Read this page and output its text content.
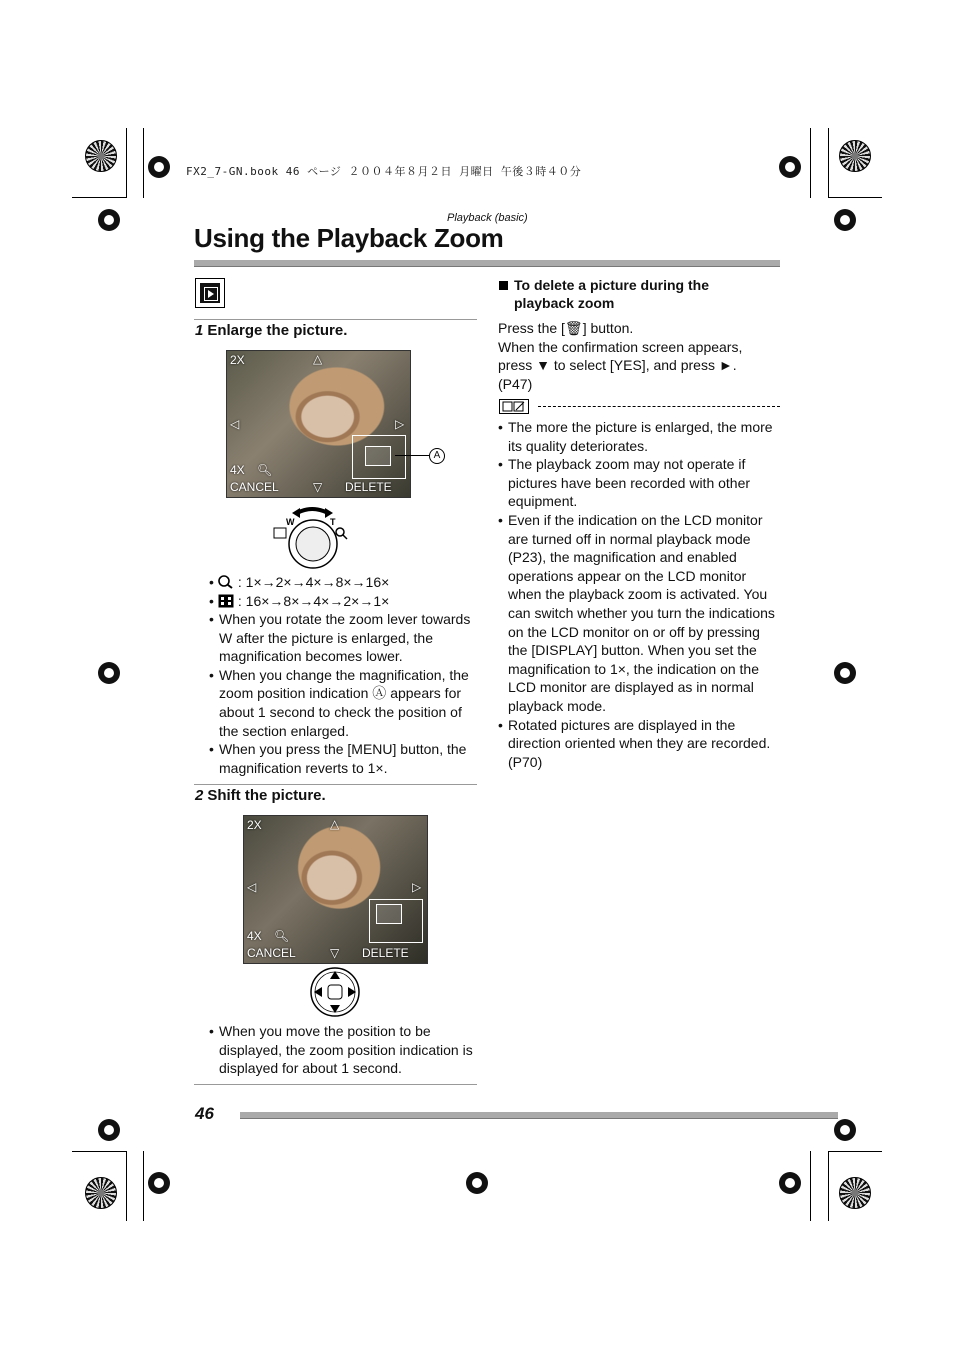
FX2_7-GN.book 46 ページ ２００４年８月２日 月曜日 午後３時４０分
Playback (basic)
Using the Playback Zoom
1 Enlarge the picture.
2X	△
◁	▷
4X 🔍︎
CANCEL	▽ DELETE
A
W	T
• : 1×→2×→4×→8×→16×
• : 16×→8×→4×→2×→1×
• When you rotate the zoom lever towards W after the picture is enlarged, the magnification becomes lower.
• When you change the magnification, the zoom position indication Ⓐ appears for about 1 second to check the position of the section enlarged.
• When you press the [MENU] button, the magnification reverts to 1×.
2 Shift the picture.
2X	△
◁	▷
4X 🔍︎
CANCEL	▽ DELETE
• When you move the position to be displayed, the zoom position indication is displayed for about 1 second.
To delete a picture during the
playback zoom
Press the [🗑] button.
When the confirmation screen appears,
press ▼ to select [YES], and press ►.
(P47)
• The more the picture is enlarged, the more its quality deteriorates.
• The playback zoom may not operate if pictures have been recorded with other equipment.
• Even if the indication on the LCD monitor are turned off in normal playback mode (P23), the magnification and enabled operations appear on the LCD monitor when the playback zoom is activated. You can switch whether you turn the indications on the LCD monitor on or off by pressing the [DISPLAY] button. When you set the magnification to 1×, the indication on the LCD monitor are displayed as in normal playback mode.
• Rotated pictures are displayed in the direction oriented when they are recorded. (P70)
46
